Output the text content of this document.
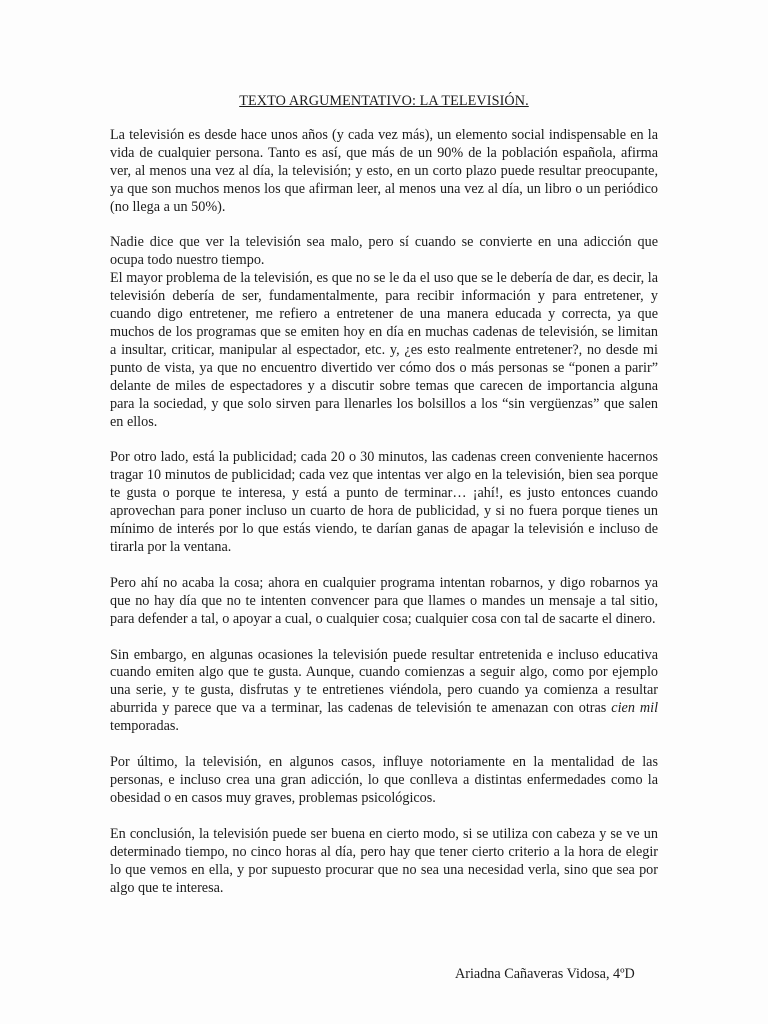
TEXTO ARGUMENTATIVO: LA TELEVISIÓN.

La televisión es desde hace unos años (y cada vez más), un elemento social indispensable en la vida de cualquier persona. Tanto es así, que más de un 90% de la población española, afirma ver, al menos una vez al día, la televisión; y esto, en un corto plazo puede resultar preocupante, ya que son muchos menos los que afirman leer, al menos una vez al día, un libro o un periódico (no llega a un 50%).

Nadie dice que ver la televisión sea malo, pero sí cuando se convierte en una adicción que ocupa todo nuestro tiempo.

El mayor problema de la televisión, es que no se le da el uso que se le debería de dar, es decir, la televisión debería de ser, fundamentalmente, para recibir información y para entretener, y cuando digo entretener, me refiero a entretener de una manera educada y correcta, ya que muchos de los programas que se emiten hoy en día en muchas cadenas de televisión, se limitan a insultar, criticar, manipular al espectador, etc. y, ¿es esto realmente entretener?, no desde mi punto de vista, ya que no encuentro divertido ver cómo dos o más personas se “ponen a parir” delante de miles de espectadores y a discutir sobre temas que carecen de importancia alguna para la sociedad, y que solo sirven para llenarles los bolsillos a los “sin vergüenzas” que salen en ellos.

Por otro lado, está la publicidad; cada 20 o 30 minutos, las cadenas creen conveniente hacernos tragar 10 minutos de publicidad; cada vez que intentas ver algo en la televisión, bien sea porque te gusta o porque te interesa, y está a punto de terminar… ¡ahí!, es justo entonces cuando aprovechan para poner incluso un cuarto de hora de publicidad, y si no fuera porque tienes un mínimo de interés por lo que estás viendo, te darían ganas de apagar la televisión e incluso de tirarla por la ventana.

Pero ahí no acaba la cosa; ahora en cualquier programa intentan robarnos, y digo robarnos ya que no hay día que no te intenten convencer para que llames o mandes un mensaje a tal sitio, para defender a tal, o apoyar a cual, o cualquier cosa; cualquier cosa con tal de sacarte el dinero.

Sin embargo, en algunas ocasiones la televisión puede resultar entretenida e incluso educativa cuando emiten algo que te gusta. Aunque, cuando comienzas a seguir algo, como por ejemplo una serie, y te gusta, disfrutas y te entretienes viéndola, pero cuando ya comienza a resultar aburrida y parece que va a terminar, las cadenas de televisión te amenazan con otras cien mil temporadas.

Por último, la televisión, en algunos casos, influye notoriamente en la mentalidad de las personas, e incluso crea una gran adicción, lo que conlleva a distintas enfermedades como la obesidad o en casos muy graves, problemas psicológicos.

En conclusión, la televisión puede ser buena en cierto modo, si se utiliza con cabeza y se ve un determinado tiempo, no cinco horas al día, pero hay que tener cierto criterio a la hora de elegir lo que vemos en ella, y por supuesto procurar que no sea una necesidad verla, sino que sea por algo que te interesa.

Ariadna Cañaveras Vidosa, 4ºD
